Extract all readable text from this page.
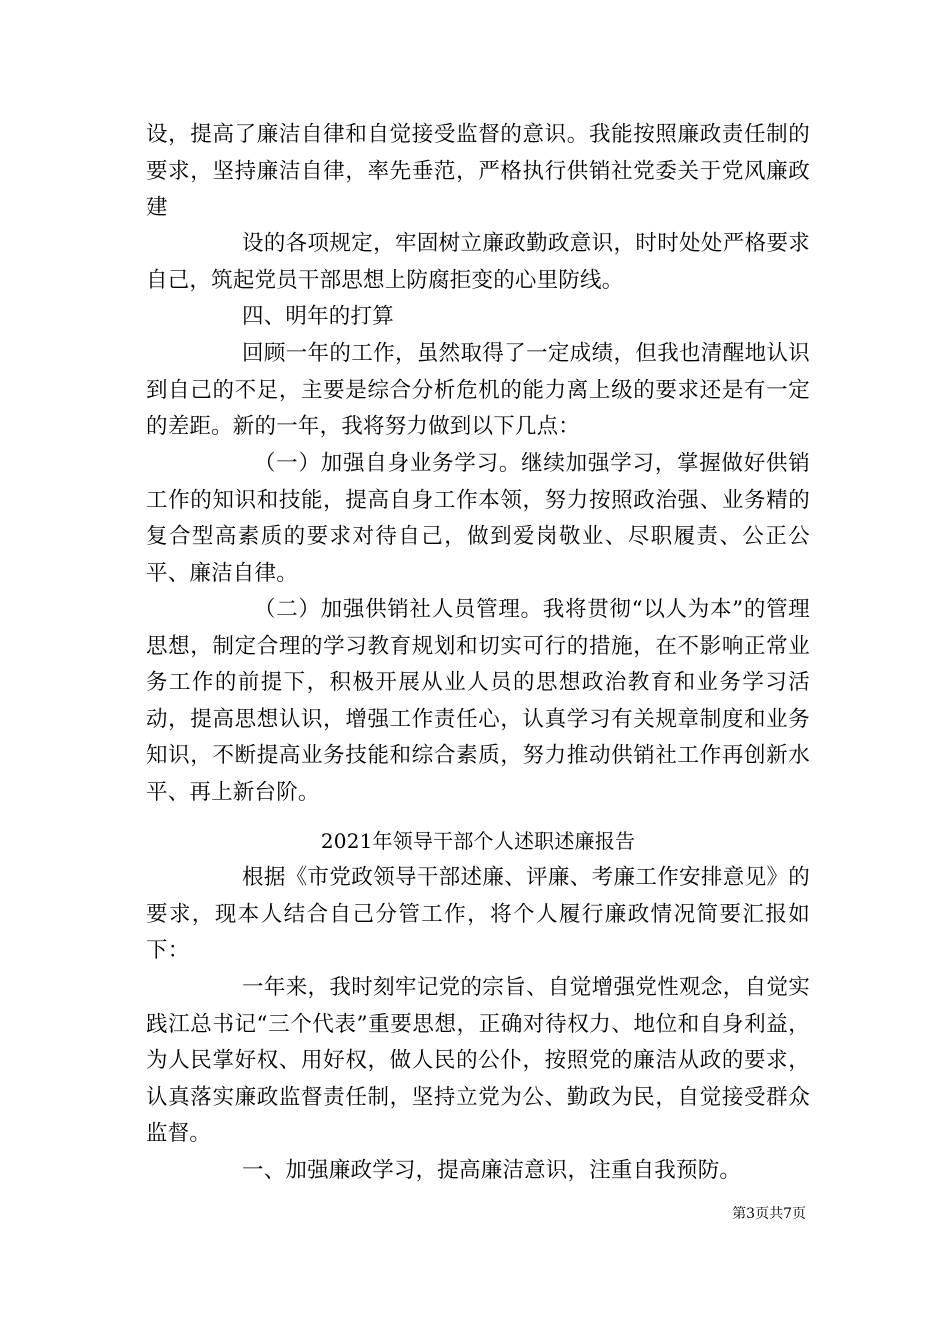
设，提高了廉洁自律和自觉接受监督的意识。我能按照廉政责任制的要求，坚持廉洁自律，率先垂范，严格执行供销社党委关于党风廉政建

设的各项规定，牢固树立廉政勤政意识，时时处处严格要求自己，筑起党员干部思想上防腐拒变的心里防线。

四、明年的打算

回顾一年的工作，虽然取得了一定成绩，但我也清醒地认识到自己的不足，主要是综合分析危机的能力离上级的要求还是有一定的差距。新的一年，我将努力做到以下几点：

（一）加强自身业务学习。继续加强学习，掌握做好供销工作的知识和技能，提高自身工作本领，努力按照政治强、业务精的复合型高素质的要求对待自己，做到爱岗敬业、尽职履责、公正公平、廉洁自律。

（二）加强供销社人员管理。我将贯彻“以人为本”的管理思想，制定合理的学习教育规划和切实可行的措施，在不影响正常业务工作的前提下，积极开展从业人员的思想政治教育和业务学习活动，提高思想认识，增强工作责任心，认真学习有关规章制度和业务知识，不断提高业务技能和综合素质，努力推动供销社工作再创新水平、再上新台阶。

2021年领导干部个人述职述廉报告

根据《市党政领导干部述廉、评廉、考廉工作安排意见》的要求，现本人结合自己分管工作，将个人履行廉政情况简要汇报如下：

一年来，我时刻牢记党的宗旨、自觉增强党性观念，自觉实践江总书记“三个代表”重要思想，正确对待权力、地位和自身利益，为人民掌好权、用好权，做人民的公仆，按照党的廉洁从政的要求，认真落实廉政监督责任制，坚持立党为公、勤政为民，自觉接受群众监督。

一、加强廉政学习，提高廉洁意识，注重自我预防。

第3页共7页
